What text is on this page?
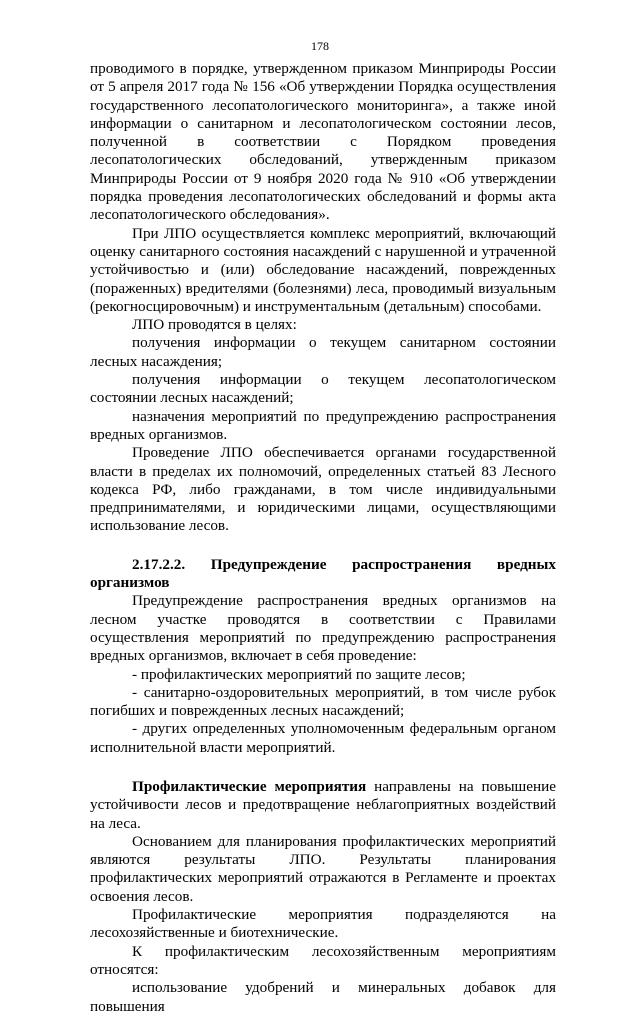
178

проводимого в порядке, утвержденном приказом Минприроды России от 5 апреля 2017 года № 156 «Об утверждении Порядка осуществления государственного лесопатологического мониторинга», а также иной информации о санитарном и лесопатологическом состоянии лесов, полученной в соответствии с Порядком проведения лесопатологических обследований, утвержденным приказом Минприроды России от 9 ноября 2020 года № 910 «Об утверждении порядка проведения лесопатологических обследований и формы акта лесопатологического обследования».

При ЛПО осуществляется комплекс мероприятий, включающий оценку санитарного состояния насаждений с нарушенной и утраченной устойчивостью и (или) обследование насаждений, поврежденных (пораженных) вредителями (болезнями) леса, проводимый визуальным (рекогносцировочным) и инструментальным (детальным) способами.

ЛПО проводятся в целях:

получения информации о текущем санитарном состоянии лесных насаждения;

получения информации о текущем лесопатологическом состоянии лесных насаждений;

назначения мероприятий по предупреждению распространения вредных организмов.

Проведение ЛПО обеспечивается органами государственной власти в пределах их полномочий, определенных статьей 83 Лесного кодекса РФ, либо гражданами, в том числе индивидуальными предпринимателями, и юридическими лицами, осуществляющими использование лесов.

2.17.2.2. Предупреждение распространения вредных организмов

Предупреждение распространения вредных организмов на лесном участке проводятся в соответствии с Правилами осуществления мероприятий по предупреждению распространения вредных организмов, включает в себя проведение:

- профилактических мероприятий по защите лесов;

- санитарно-оздоровительных мероприятий, в том числе рубок погибших и поврежденных лесных насаждений;

- других определенных уполномоченным федеральным органом исполнительной власти мероприятий.

Профилактические мероприятия направлены на повышение устойчивости лесов и предотвращение неблагоприятных воздействий на леса.

Основанием для планирования профилактических мероприятий являются результаты ЛПО. Результаты планирования профилактических мероприятий отражаются в Регламенте и проектах освоения лесов.

Профилактические мероприятия подразделяются на лесохозяйственные и биотехнические.

К профилактическим лесохозяйственным мероприятиям относятся:

использование удобрений и минеральных добавок для повышения
